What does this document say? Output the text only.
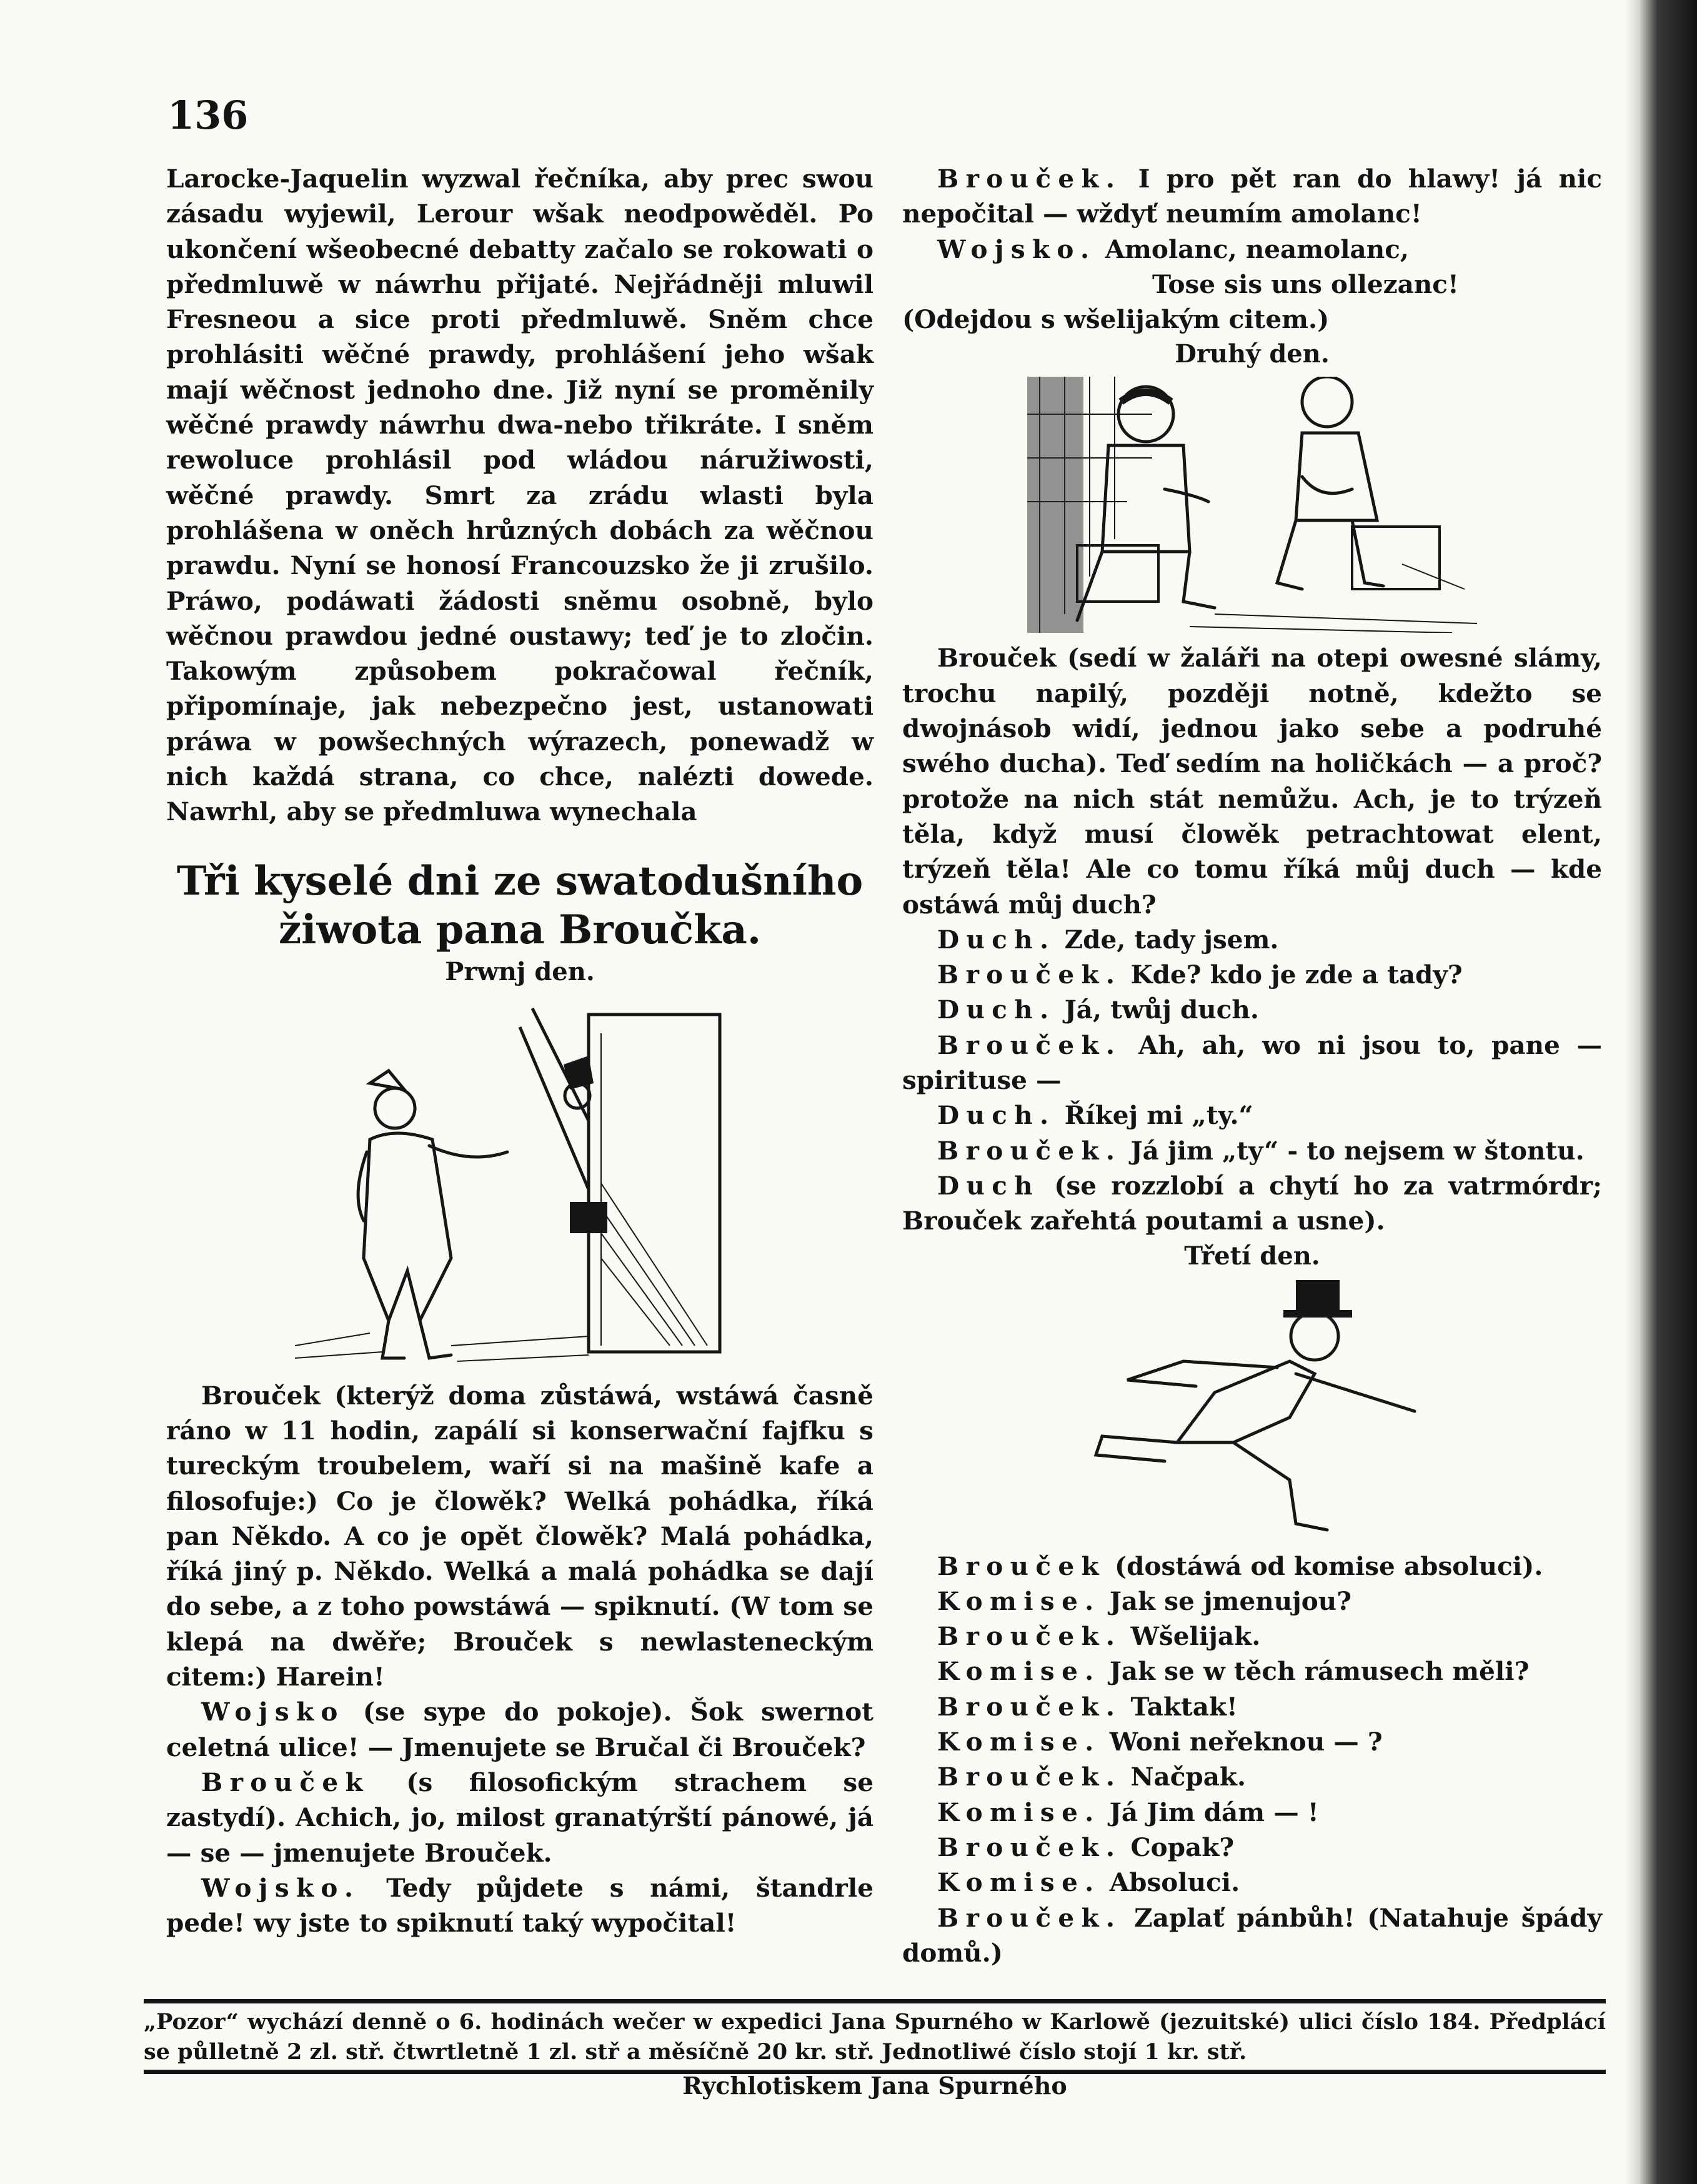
136

Larocke-Jaquelin wyzwal řečníka, aby prec swou zásadu wyjewil, Lerour wšak neodpowěděl. Po ukončení wšeobecné debatty začalo se rokowati o předmluwě w náwrhu přijaté. Nejřádněji mluwil Fresneou a sice proti předmluwě. Sněm chce prohlásiti wěčné prawdy, prohlášení jeho wšak mají wěčnost jednoho dne. Již nyní se proměnily wěčné prawdy náwrhu dwa-nebo třikráte. I sněm rewoluce prohlásil pod wládou náružiwosti, wěčné prawdy. Smrt za zrádu wlasti byla prohlášena w oněch hrůzných dobách za wěčnou prawdu. Nyní se honosí Francouzsko že ji zrušilo. Práwo, podáwati žádosti sněmu osobně, bylo wěčnou prawdou jedné oustawy; teď je to zločin. Takowým způsobem pokračowal řečník, připomínaje, jak nebezpečno jest, ustanowati práwa w powšechných wýrazech, ponewadž w nich každá strana, co chce, nalézti dowede. Nawrhl, aby se předmluwa wynechala

Tři kyselé dni ze swatodušního žiwota pana Broučka.
Prwnj den.

Brouček (kterýž doma zůstáwá, wstáwá časně ráno w 11 hodin, zapálí si konserwační fajfku s tureckým troubelem, waří si na mašině kafe a filosofuje:) Co je člowěk? Welká pohádka, říká pan Někdo. A co je opět člowěk? Malá pohádka, říká jiný p. Někdo. Welká a malá pohádka se dají do sebe, a z toho powstáwá — spiknutí. (W tom se klepá na dwěře; Brouček s newlasteneckým citem:) Harein!

Wojsko (se sype do pokoje). Šok swernot celetná ulice! — Jmenujete se Bručal či Brouček?

Brouček (s filosofickým strachem se zastydí). Achich, jo, milost granatýrští pánowé, já — se — jmenujete Brouček.

Wojsko. Tedy půjdete s námi, štandrle pede! wy jste to spiknutí taký wypočital!

Brouček. I pro pět ran do hlawy! já nic nepočital — wždyť neumím amolanc!

Wojsko. Amolanc, neamolanc,

Tose sis uns ollezanc!

(Odejdou s wšelijakým citem.)

Druhý den.

Brouček (sedí w žaláři na otepi owesné slámy, trochu napilý, později notně, kdežto se dwojnásob widí, jednou jako sebe a podruhé swého ducha). Teď sedím na holičkách — a proč? protože na nich stát nemůžu. Ach, je to trýzeň těla, když musí člowěk petrachtowat elent, trýzeň těla! Ale co tomu říká můj duch — kde ostáwá můj duch?

Duch. Zde, tady jsem.

Brouček. Kde? kdo je zde a tady?

Duch. Já, twůj duch.

Brouček. Ah, ah, wo ni jsou to, pane — spirituse —

Duch. Říkej mi „ty.“

Brouček. Já jim „ty“ - to nejsem w štontu.

Duch (se rozzlobí a chytí ho za vatrmórdr; Brouček zařehtá poutami a usne).

Třetí den.

Brouček (dostáwá od komise absoluci).

Komise. Jak se jmenujou?

Brouček. Wšelijak.

Komise. Jak se w těch rámusech měli?

Brouček. Taktak!

Komise. Woni neřeknou — ?

Brouček. Načpak.

Komise. Já Jim dám — !

Brouček. Copak?

Komise. Absoluci.

Brouček. Zaplať pánbůh! (Natahuje špády domů.)

„Pozor“ wychází denně o 6. hodinách wečer w expedici Jana Spurného w Karlowě (jezuitské) ulici číslo 184. Předplácí se půlletně 2 zl. stř. čtwrtletně 1 zl. stř a měsíčně 20 kr. stř. Jednotliwé číslo stojí 1 kr. stř.
Rychlotiskem Jana Spurného
